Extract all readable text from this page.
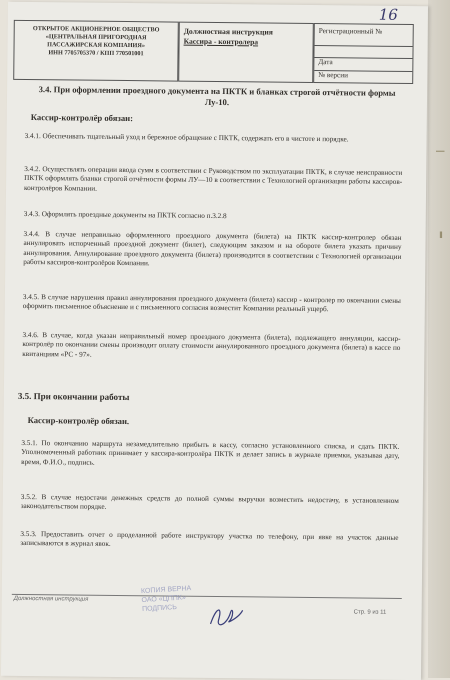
|
‖
16
ОТКРЫТОЕ АКЦИОНЕРНОЕ ОБЩЕСТВО
«ЦЕНТРАЛЬНАЯ ПРИГОРОДНАЯ
ПАССАЖИРСКАЯ КОМПАНИЯ»
ИНН 7705705370 / КПП 770501001
Должностная инструкция
Кассира - контролера
Регистрационный №
Дата
№ версии
3.4. При оформлении проездного документа на ПКТК и бланках строгой отчётности формы Лу-10.
Кассир-контролёр обязан:
3.4.1. Обеспечивать тщательный уход и бережное обращение с ПКТК, содержать его в чистоте и порядке.
3.4.2. Осуществлять операции ввода сумм в соответствии с Руководством по эксплуатации ПКТК, в случае неисправности ПКТК оформлять бланки строгой отчётности формы ЛУ—10 в соответствии с Технологией организации работы кассиров-контролёров Компании.
3.4.3. Оформлять проездные документы на ПКТК согласно п.3.2.8
3.4.4. В случае неправильно оформленного проездного документа (билета) на ПКТК кассир-контролер обязан аннулировать испорченный проездной документ (билет), следующим заказом и на обороте билета указать причину аннулирования. Аннулирование проездного документа (билета) производится в соответствии с Технологией организации работы кассиров-контролёров Компании.
3.4.5. В случае нарушения правил аннулирования проездного документа (билета) кассир - контролер по окончании смены оформить письменное объяснение и с письменного согласия возместит Компании реальный ущерб.
3.4.6. В случае, когда указан неправильный номер проездного документа (билета), подлежащего аннуляции, кассир-контролёр по окончании смены производит оплату стоимости аннулированного проездного документа (билета) в кассе по квитанциям «РС - 97».
3.5. При окончании работы
Кассир-контролёр обязан.
3.5.1. По окончанию маршрута незамедлительно прибыть в кассу, согласно установленного списка, и сдать ПКТК. Уполномоченный работник принимает у кассира-контролёра ПКТК и делает запись в журнале приемки, указывая дату, время, Ф.И.О., подпись.
3.5.2. В случае недостачи денежных средств до полной суммы выручки возместить недостачу, в установленном законодательством порядке.
3.5.3. Предоставить отчет о проделанной работе инструктору участка по телефону, при явке на участок данные записываются в журнал явок.
Должностная инструкция
Стр. 9 из 11
КОПИЯ ВЕРНА
ОАО «ЦППК»
ПОДПИСЬ
